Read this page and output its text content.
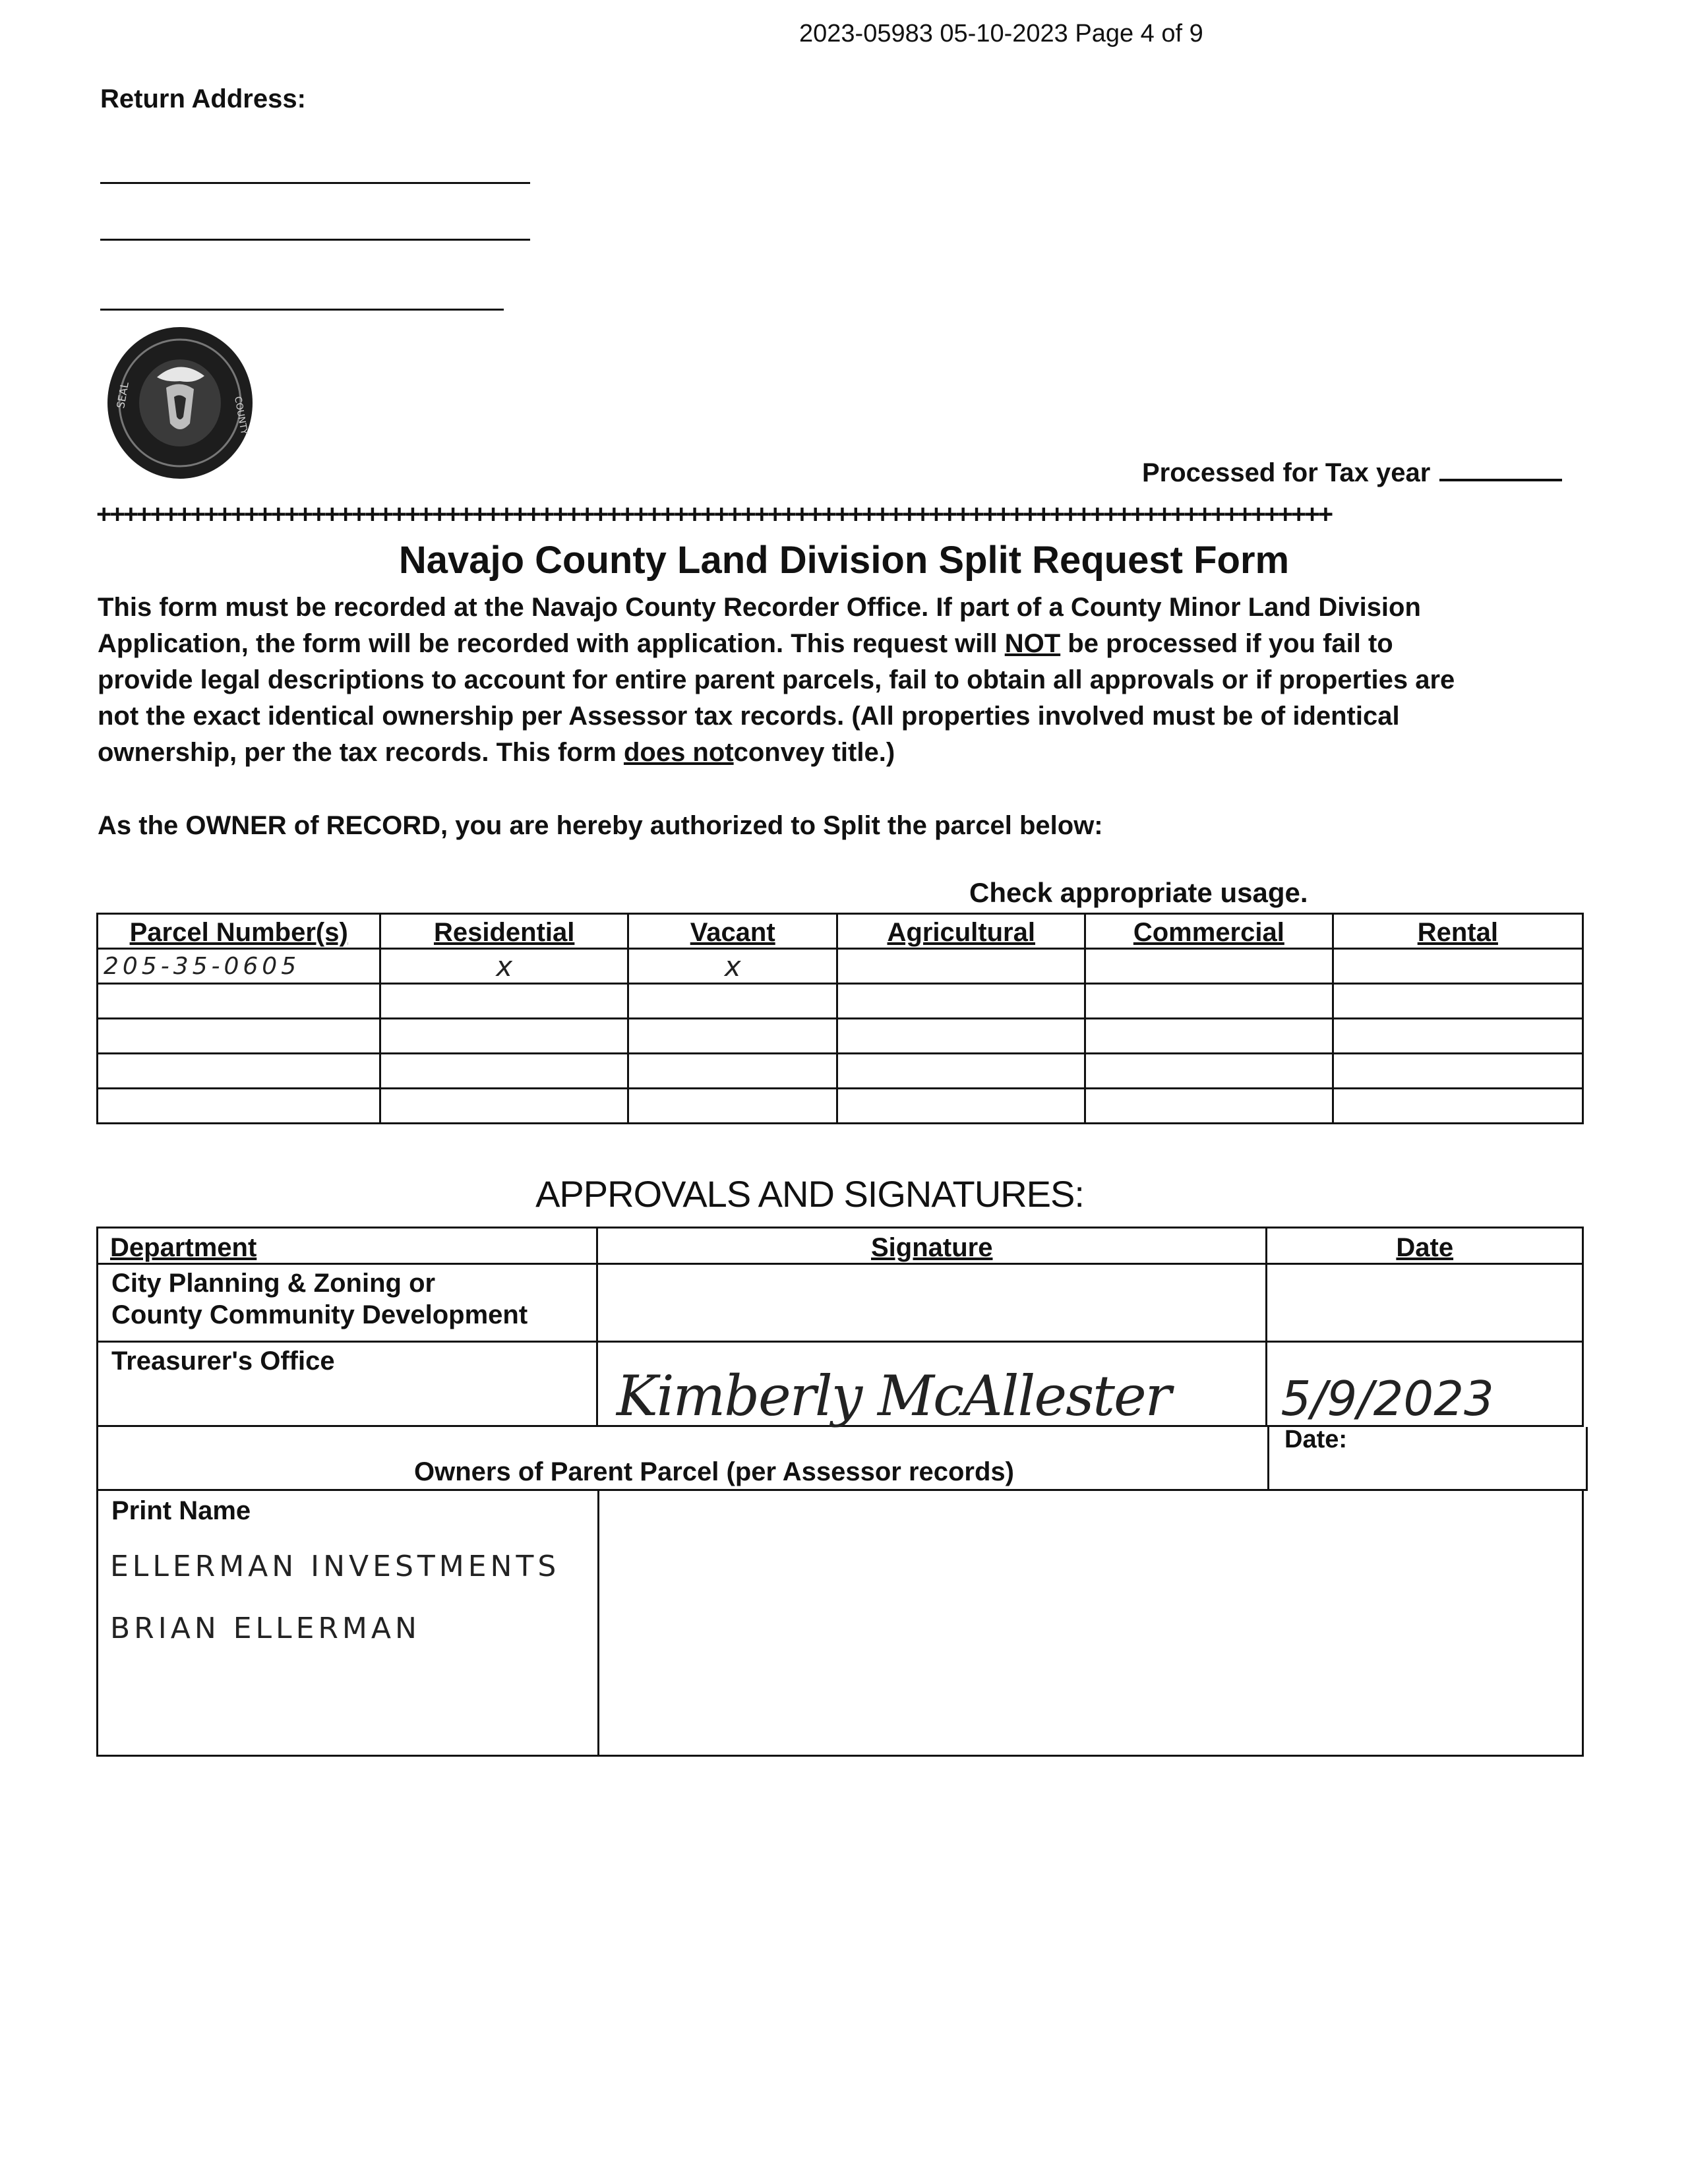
2023-05983 05-10-2023 Page 4 of 9
Return Address:
SEAL
COUNTY
Processed for Tax year
++++++++++++++++++++++++++++++++++++++++++++++++++++++++++++++++++++++++++++++++++++++++++++
Navajo County Land Division Split Request Form

This form must be recorded at the Navajo County Recorder Office. If part of a County Minor Land Division

Application, the form will be recorded with application. This request will NOT be processed if you fail to

provide legal descriptions to account for entire parent parcels, fail to obtain all approvals or if properties are

not the exact identical ownership per Assessor tax records. (All properties involved must be of identical

ownership, per the tax records. This form does notconvey title.)

As the OWNER of RECORD, you are hereby authorized to Split the parcel below:
Check appropriate usage.
Parcel Number(s)	Residential	Vacant	Agricultural	Commercial	Rental
205-35-0605	x	x			

APPROVALS AND SIGNATURES:
Department	Signature	Date

City Planning & Zoning or
County Community Development		

Treasurer's Office	Kimberly McAllester	5/9/2023
Owners of Parent Parcel (per Assessor records)
Date:
Print Name
ELLERMAN INVESTMENTS
BRIAN ELLERMAN
